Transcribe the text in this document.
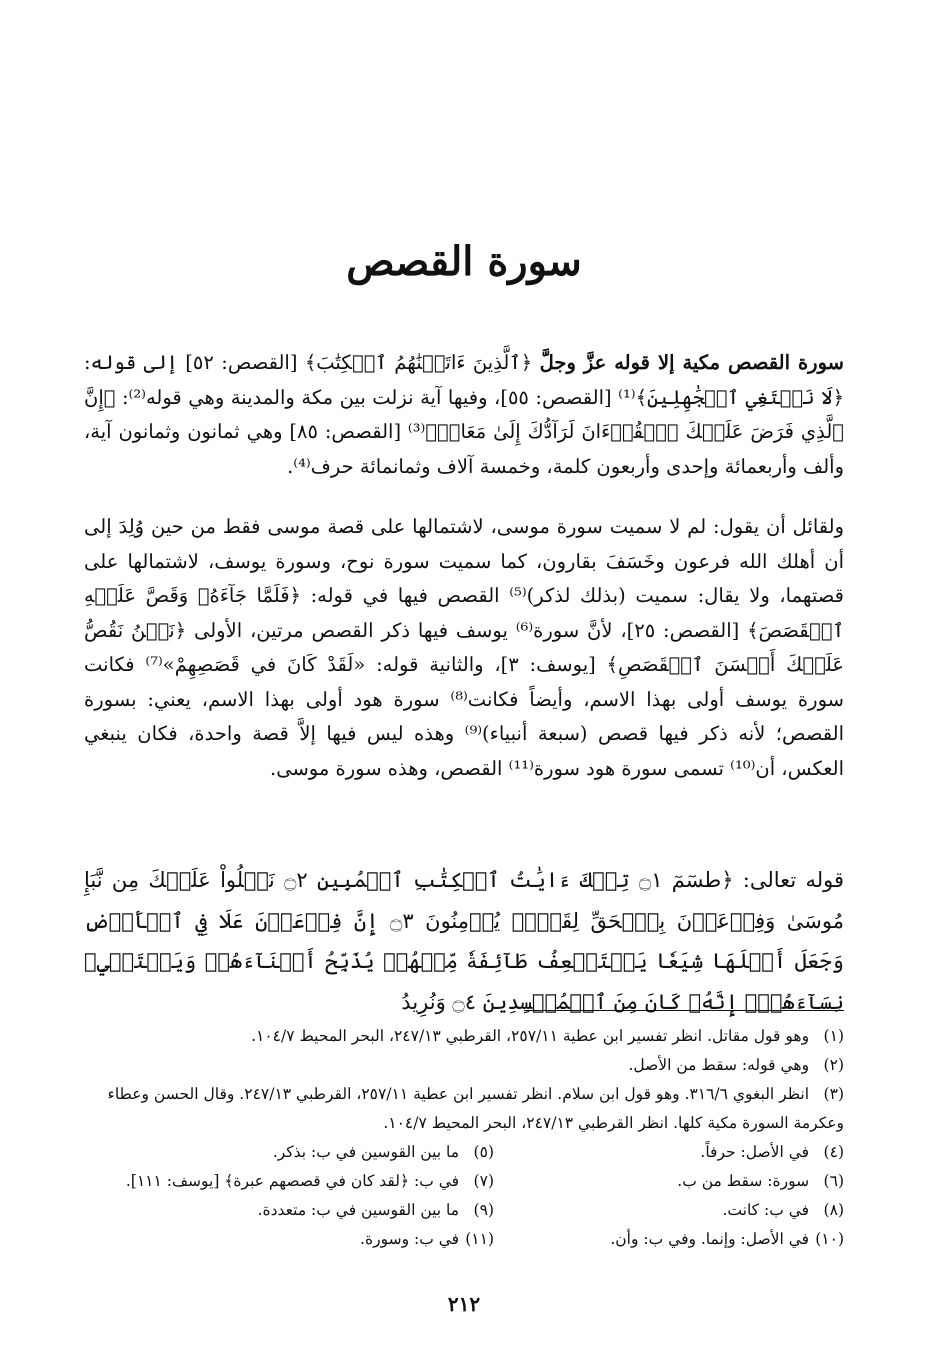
سورة القصص

سورة القصص مكية إلا قوله عزَّ وجلَّ ﴿ٱلَّذِينَ ءَاتَيۡنَٰهُمُ ٱلۡكِتَٰبَ﴾ [القصص: ٥٢] إلى قوله: ﴿لَا نَبۡتَغِي ٱلۡجَٰهِلِينَ﴾⁽¹⁾ [القصص: ٥٥]، وفيها آية نزلت بين مكة والمدينة وهي قوله⁽²⁾: ﴿إِنَّ ٱلَّذِي فَرَضَ عَلَيۡكَ ٱلۡقُرۡءَانَ لَرَآدُّكَ إِلَىٰ مَعَادٖ﴾⁽³⁾ [القصص: ٨٥] وهي ثمانون وثمانون آية، وألف وأربعمائة وإحدى وأربعون كلمة، وخمسة آلاف وثمانمائة حرف⁽⁴⁾.

ولقائل أن يقول: لم لا سميت سورة موسى، لاشتمالها على قصة موسى فقط من حين وُلِدَ إلى أن أهلك الله فرعون وخَسَفَ بقارون، كما سميت سورة نوح، وسورة يوسف، لاشتمالها على قصتهما، ولا يقال: سميت (بذلك لذكر)⁽⁵⁾ القصص فيها في قوله: ﴿فَلَمَّا جَآءَهُۥ وَقَصَّ عَلَيۡهِ ٱلۡقَصَصَ﴾ [القصص: ٢٥]، لأنَّ سورة⁽⁶⁾ يوسف فيها ذكر القصص مرتين، الأولى ﴿نَحۡنُ نَقُصُّ عَلَيۡكَ أَحۡسَنَ ٱلۡقَصَصِ﴾ [يوسف: ٣]، والثانية قوله: «لَقَدْ كَانَ في قَصَصِهِمْ»⁽⁷⁾ فكانت سورة يوسف أولى بهذا الاسم، وأيضاً فكانت⁽⁸⁾ سورة هود أولى بهذا الاسم، يعني: بسورة القصص؛ لأنه ذكر فيها قصص (سبعة أنبياء)⁽⁹⁾ وهذه ليس فيها إلاَّ قصة واحدة، فكان ينبغي العكس، أن⁽¹⁰⁾ تسمى سورة هود سورة⁽¹¹⁾ القصص، وهذه سورة موسى.

قوله تعالى: ﴿طسٓمٓ ۝١ تِلۡكَ ءَايَٰتُ ٱلۡكِتَٰبِ ٱلۡمُبِينِ ۝٢ نَتۡلُواْ عَلَيۡكَ مِن نَّبَإِ مُوسَىٰ وَفِرۡعَوۡنَ بِٱلۡحَقِّ لِقَوۡمٖ يُؤۡمِنُونَ ۝٣ إِنَّ فِرۡعَوۡنَ عَلَا فِي ٱلۡأَرۡضِ وَجَعَلَ أَهۡلَهَا شِيَعٗا يَسۡتَضۡعِفُ طَآئِفَةٗ مِّنۡهُمۡ يُذَبِّحُ أَبۡنَآءَهُمۡ وَيَسۡتَحۡيِۦ نِسَآءَهُمۡۚ إِنَّهُۥ كَانَ مِنَ ٱلۡمُفۡسِدِينَ ۝٤ وَنُرِيدُ

(١) وهو قول مقاتل. انظر تفسير ابن عطية ٢٥٧/١١، القرطبي ٢٤٧/١٣، البحر المحيط ١٠٤/٧.
(٢) وهي قوله: سقط من الأصل.
(٣) انظر البغوي ٣١٦/٦. وهو قول ابن سلام. انظر تفسير ابن عطية ٢٥٧/١١، القرطبي ٢٤٧/١٣. وقال الحسن وعطاء وعكرمة السورة مكية كلها. انظر القرطبي ٢٤٧/١٣، البحر المحيط ١٠٤/٧.
(٤) في الأصل: حرفاً.
(٥) ما بين القوسين في ب: بذكر.
(٦) سورة: سقط من ب.
(٧) في ب: ﴿لقد كان في قصصهم عبرة﴾ [يوسف: ١١١].
(٨) في ب: كانت.
(٩) ما بين القوسين في ب: متعددة.
(١٠) في الأصل: وإنما. وفي ب: وأن.
(١١) في ب: وسورة.
٢١٢
